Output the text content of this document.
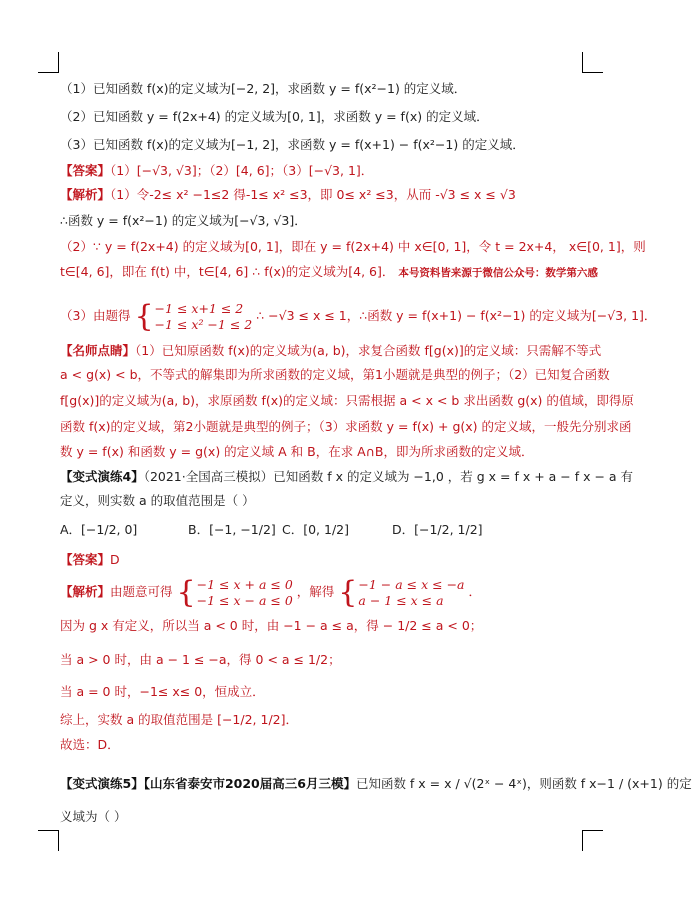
（1）已知函数 f(x)的定义域为[−2, 2]，求函数 y = f(x²−1) 的定义域．
（2）已知函数 y = f(2x+4) 的定义域为[0, 1]，求函数 y = f(x) 的定义域．
（3）已知函数 f(x)的定义域为[−1, 2]，求函数 y = f(x+1) − f(x²−1) 的定义域．
【答案】（1）[−√3, √3]；（2）[4, 6]；（3）[−√3, 1]．
【解析】（1）令-2≤ x² −1≤2 得-1≤ x² ≤3，即 0≤ x² ≤3，从而 -√3 ≤ x ≤ √3
∴函数 y = f(x²−1) 的定义域为[−√3, √3]．
（2）∵ y = f(2x+4) 的定义域为[0, 1]，即在 y = f(2x+4) 中 x∈[0, 1]，令 t = 2x+4， x∈[0, 1]，则
t∈[4, 6]，即在 f(t) 中，t∈[4, 6] ∴ f(x)的定义域为[4, 6]． 本号资料皆来源于微信公众号：数学第六感
（3）由题得 { −1 ≤ x+1 ≤ 2
−1 ≤ x² −1 ≤ 2
∴ −√3 ≤ x ≤ 1，∴函数 y = f(x+1) − f(x²−1) 的定义域为[−√3, 1]．
【名师点睛】（1）已知原函数 f(x)的定义域为(a, b)，求复合函数 f[g(x)]的定义域：只需解不等式
a < g(x) < b，不等式的解集即为所求函数的定义域，第1小题就是典型的例子；（2）已知复合函数
f[g(x)]的定义域为(a, b)，求原函数 f(x)的定义域：只需根据 a < x < b 求出函数 g(x) 的值域，即得原
函数 f(x)的定义域，第2小题就是典型的例子；（3）求函数 y = f(x) + g(x) 的定义域，一般先分别求函
数 y = f(x) 和函数 y = g(x) 的定义域 A 和 B，在求 A∩B，即为所求函数的定义域．
【变式演练4】（2021·全国高三模拟）已知函数 f x 的定义域为 −1,0 ，若 g x = f x + a − f x − a 有
定义，则实数 a 的取值范围是（ ）
A．[−1/2, 0]	B．[−1, −1/2] C．[0, 1/2]	D．[−1/2, 1/2]
【答案】D
【解析】由题意可得 { −1 ≤ x + a ≤ 0
−1 ≤ x − a ≤ 0
，解得 { −1 − a ≤ x ≤ −a
a − 1 ≤ x ≤ a
．
因为 g x 有定义，所以当 a < 0 时，由 −1 − a ≤ a，得 − 1/2 ≤ a < 0；
当 a > 0 时，由 a − 1 ≤ −a，得 0 < a ≤ 1/2；
当 a = 0 时，−1≤ x≤ 0，恒成立．
综上，实数 a 的取值范围是 [−1/2, 1/2]．
故选：D．
【变式演练5】【山东省泰安市2020届高三6月三模】已知函数 f x = x / √(2ˣ − 4ˣ)，则函数 f x−1 / (x+1) 的定
义域为（ ）
